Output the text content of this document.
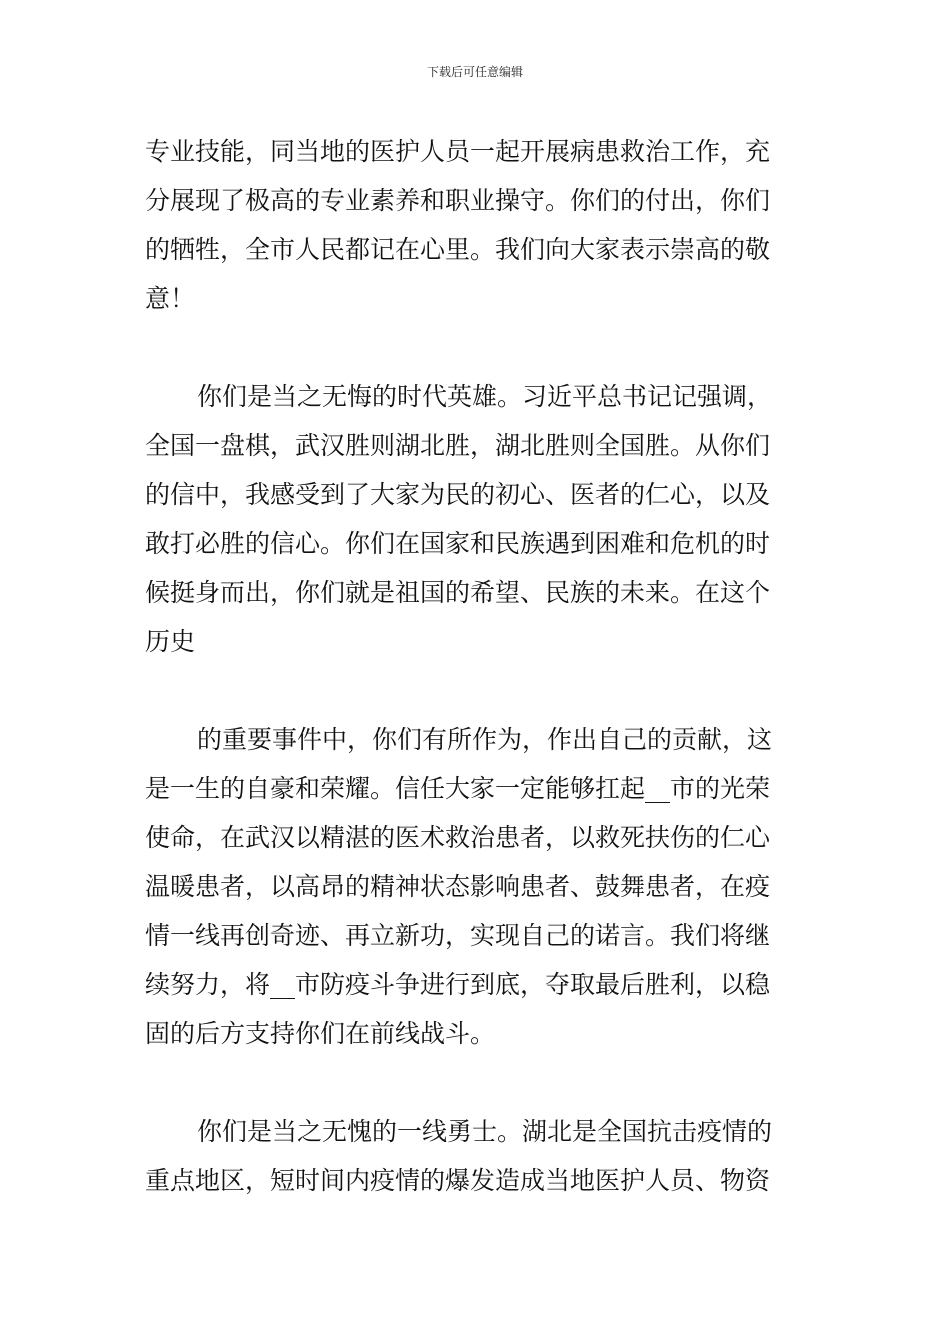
下载后可任意编辑
专业技能，同当地的医护人员一起开展病患救治工作，充
分展现了极高的专业素养和职业操守。你们的付出，你们
的牺牲，全市人民都记在心里。我们向大家表示崇高的敬
意！
你们是当之无悔的时代英雄。习近平总书记记强调，
全国一盘棋，武汉胜则湖北胜，湖北胜则全国胜。从你们
的信中，我感受到了大家为民的初心、医者的仁心，以及
敢打必胜的信心。你们在国家和民族遇到困难和危机的时
候挺身而出，你们就是祖国的希望、民族的未来。在这个
历史
的重要事件中，你们有所作为，作出自己的贡献，这
是一生的自豪和荣耀。信任大家一定能够扛起__市的光荣
使命，在武汉以精湛的医术救治患者，以救死扶伤的仁心
温暖患者，以高昂的精神状态影响患者、鼓舞患者，在疫
情一线再创奇迹、再立新功，实现自己的诺言。我们将继
续努力，将__市防疫斗争进行到底，夺取最后胜利，以稳
固的后方支持你们在前线战斗。
你们是当之无愧的一线勇士。湖北是全国抗击疫情的
重点地区，短时间内疫情的爆发造成当地医护人员、物资
